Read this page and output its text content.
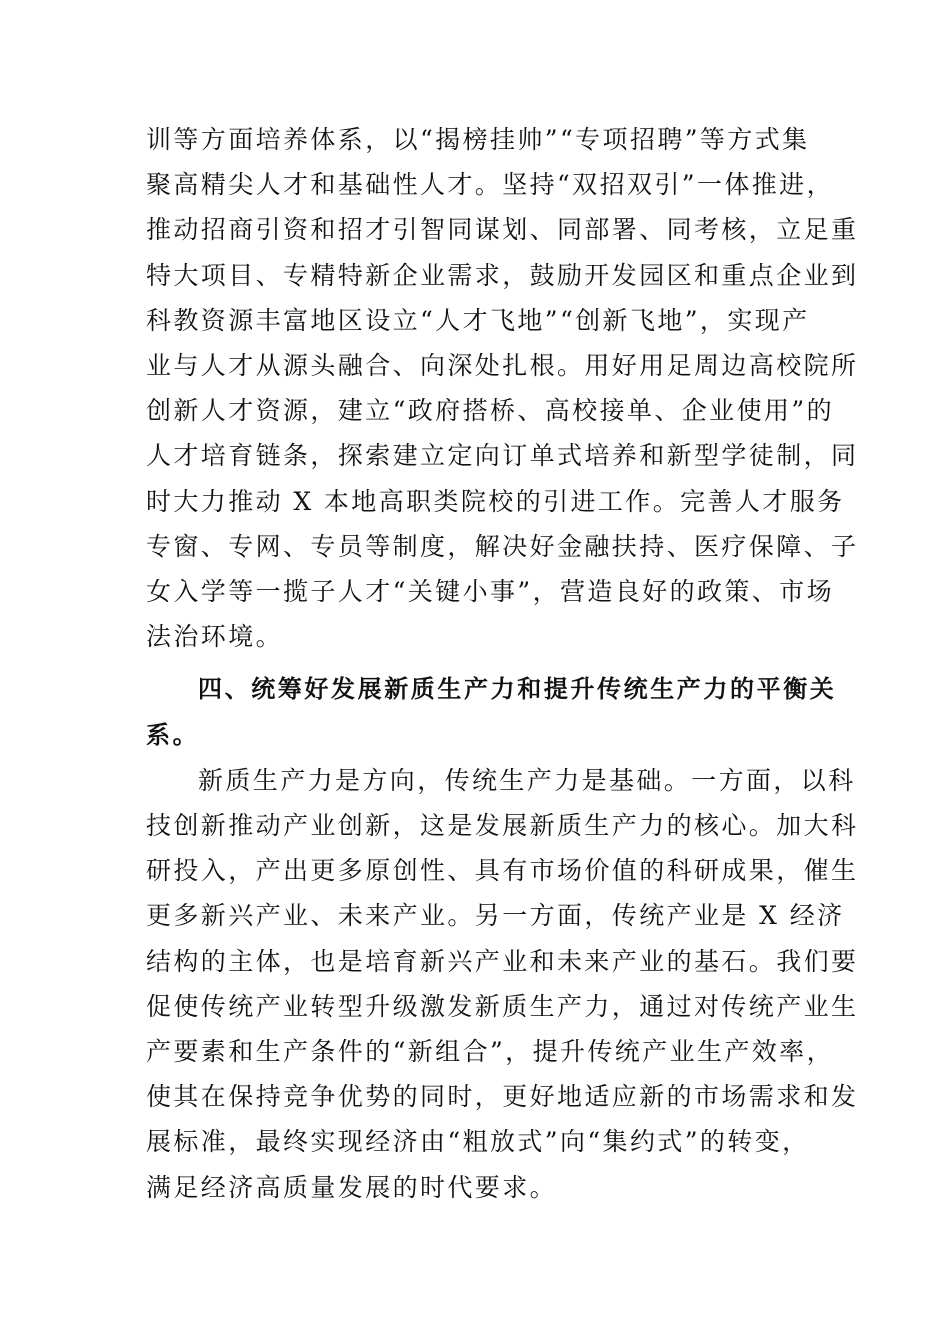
训等方面培养体系，以“揭榜挂帅”“专项招聘”等方式集
聚高精尖人才和基础性人才。坚持“双招双引”一体推进，
推动招商引资和招才引智同谋划、同部署、同考核，立足重
特大项目、专精特新企业需求，鼓励开发园区和重点企业到
科教资源丰富地区设立“人才飞地”“创新飞地”，实现产
业与人才从源头融合、向深处扎根。用好用足周边高校院所
创新人才资源，建立“政府搭桥、高校接单、企业使用”的
人才培育链条，探索建立定向订单式培养和新型学徒制，同
时大力推动 X 本地高职类院校的引进工作。完善人才服务
专窗、专网、专员等制度，解决好金融扶持、医疗保障、子
女入学等一揽子人才“关键小事”，营造良好的政策、市场
法治环境。
四、统筹好发展新质生产力和提升传统生产力的平衡关
系。
新质生产力是方向，传统生产力是基础。一方面，以科
技创新推动产业创新，这是发展新质生产力的核心。加大科
研投入，产出更多原创性、具有市场价值的科研成果，催生
更多新兴产业、未来产业。另一方面，传统产业是 X 经济
结构的主体，也是培育新兴产业和未来产业的基石。我们要
促使传统产业转型升级激发新质生产力，通过对传统产业生
产要素和生产条件的“新组合”，提升传统产业生产效率，
使其在保持竞争优势的同时，更好地适应新的市场需求和发
展标准，最终实现经济由“粗放式”向“集约式”的转变，
满足经济高质量发展的时代要求。
